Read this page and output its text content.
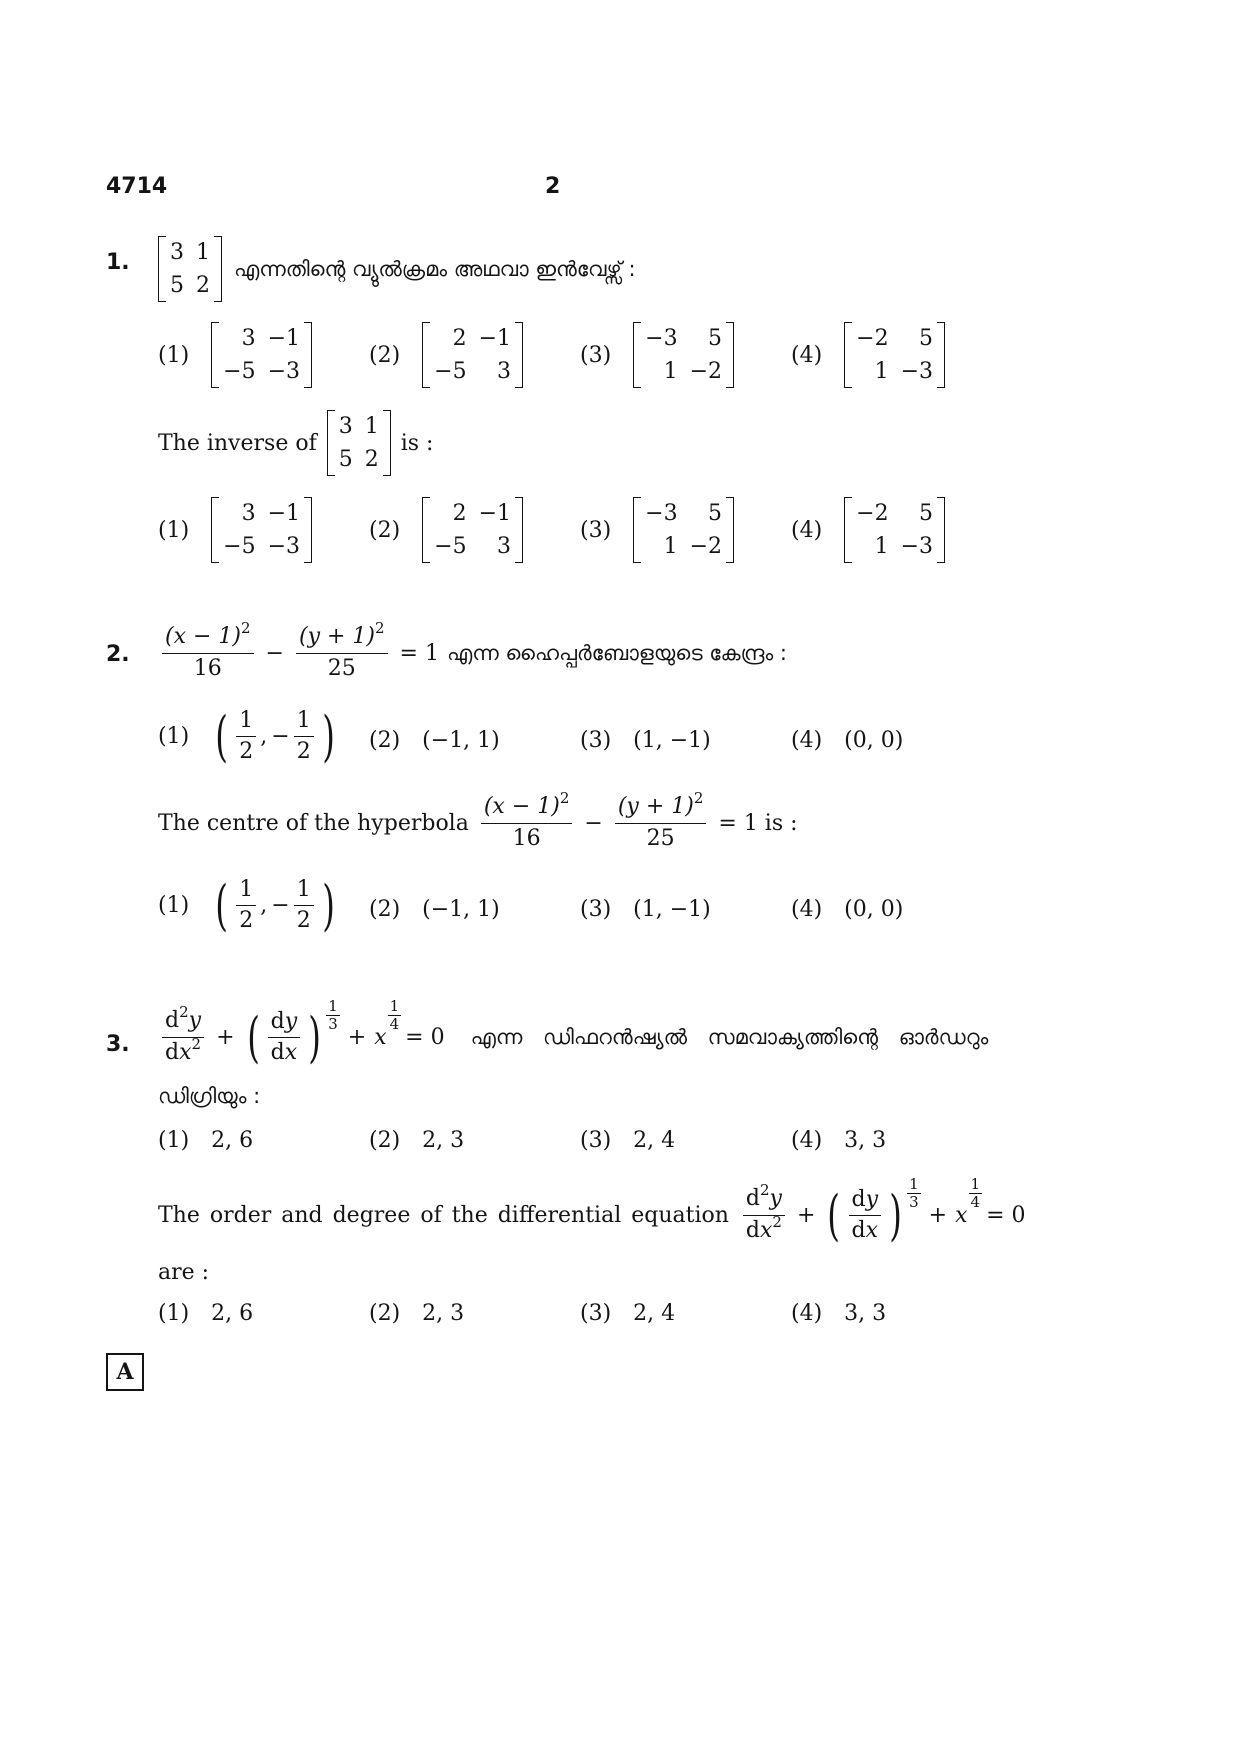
4714	2
1. 3	1
5	2
എന്നതിന്റെ വ്യുൽക്രമം അഥവാ ഇൻവേഴ്സ് :
(1)
3	−1
−5	−3
(2)
2	−1
−5	3
(3)
−3	5
1	−2
(4)
−2	5
1	−3
The inverse of
3	1
5	2
is :
(1)
3	−1
−5	−3
(2)
2	−1
−5	3
(3)
−3	5
1	−2
(4)
−2	5
1	−3
2. $\frac{(x - 1)^2}{16} - \frac{(y + 1)^2}{25} = 1$ എന്ന ഹൈപ്പർബോളയുടെ കേന്ദ്രം :
(1) ( $\frac{1}{2}$ , − $\frac{1}{2}$ ) (2) (−1, 1)	(3) (1, −1)	(4) (0, 0)
The centre of the hyperbola $\frac{(x - 1)^2}{16} - \frac{(y + 1)^2}{25} = 1$ is :
(1) ( $\frac{1}{2}$ , − $\frac{1}{2}$ ) (2) (−1, 1)	(3) (1, −1)	(4) (0, 0)
3. $\frac{d^2y}{dx^2}$ + ( $\frac{dy}{dx}$ ) 1
3
+ x
$\frac{1}{4}$
= 0 എന്ന ഡിഫറൻഷ്യൽ സമവാക്യത്തിന്റെ ഓർഡറും
ഡിഗ്രിയും :
(1) 2, 6	(2) 2, 3	(3) 2, 4	(4) 3, 3
The order and degree of the differential equation $\frac{d^2y}{dx^2}$ + ( $\frac{dy}{dx}$ ) 1
3
+ x
$\frac{1}{4}$
= 0
are :
(1) 2, 6	(2) 2, 3	(3) 2, 4	(4) 3, 3
A
